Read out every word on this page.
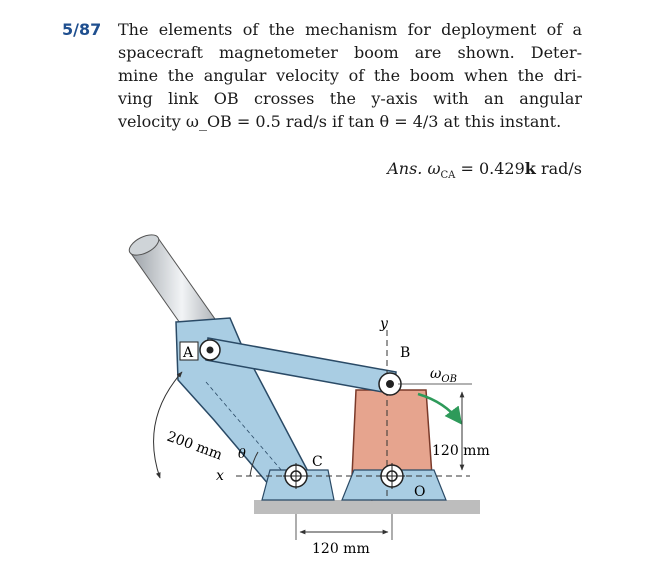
5/87 The elements of the mechanism for deployment of a
spacecraft magnetometer boom are shown. Deter-
mine the angular velocity of the boom when the dri-
ving link OB crosses the y-axis with an angular
velocity ω_OB = 0.5 rad/s if tan θ = 4/3 at this instant.
Ans. $\omega_{CA} = 0.429k$ rad/s
A	B
C
O
y
x
θ
$\omega_{OB}$
200 mm	120 mm
120 mm
